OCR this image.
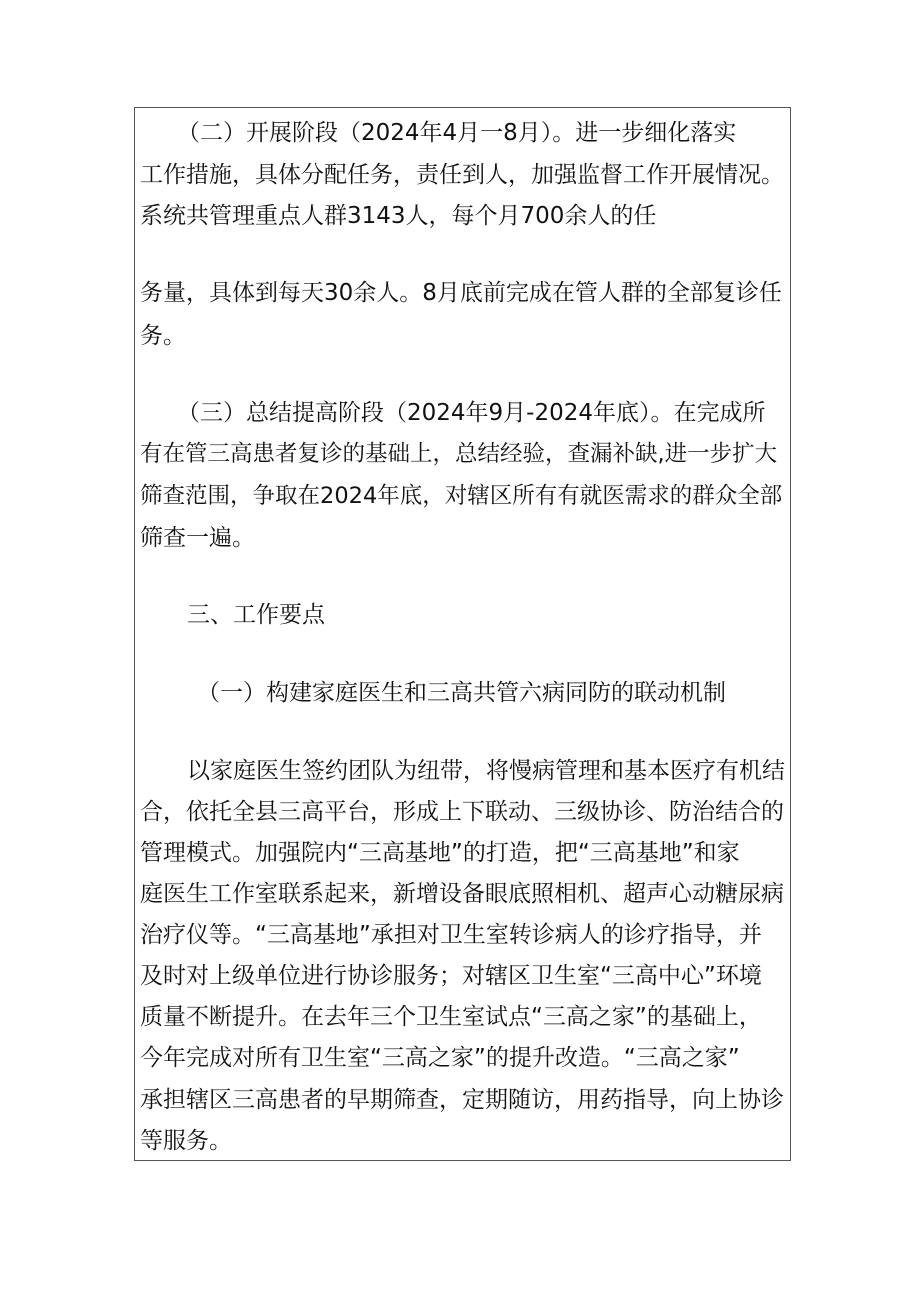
（二）开展阶段（2024年4月一8月）。进一步细化落实
工作措施，具体分配任务，责任到人，加强监督工作开展情况。
系统共管理重点人群3143人，每个月700余人的任
务量，具体到每天30余人。8月底前完成在管人群的全部复诊任
务。
（三）总结提高阶段（2024年9月-2024年底）。在完成所
有在管三高患者复诊的基础上，总结经验，查漏补缺,进一步扩大
筛查范围，争取在2024年底，对辖区所有有就医需求的群众全部
筛查一遍。
三、工作要点
（一）构建家庭医生和三高共管六病同防的联动机制
以家庭医生签约团队为纽带，将慢病管理和基本医疗有机结
合，依托全县三高平台，形成上下联动、三级协诊、防治结合的
管理模式。加强院内“三高基地”的打造，把“三高基地”和家
庭医生工作室联系起来，新增设备眼底照相机、超声心动糖尿病
治疗仪等。“三高基地”承担对卫生室转诊病人的诊疗指导，并
及时对上级单位进行协诊服务；对辖区卫生室“三高中心”环境
质量不断提升。在去年三个卫生室试点“三高之家”的基础上，
今年完成对所有卫生室“三高之家”的提升改造。“三高之家”
承担辖区三高患者的早期筛查，定期随访，用药指导，向上协诊
等服务。
